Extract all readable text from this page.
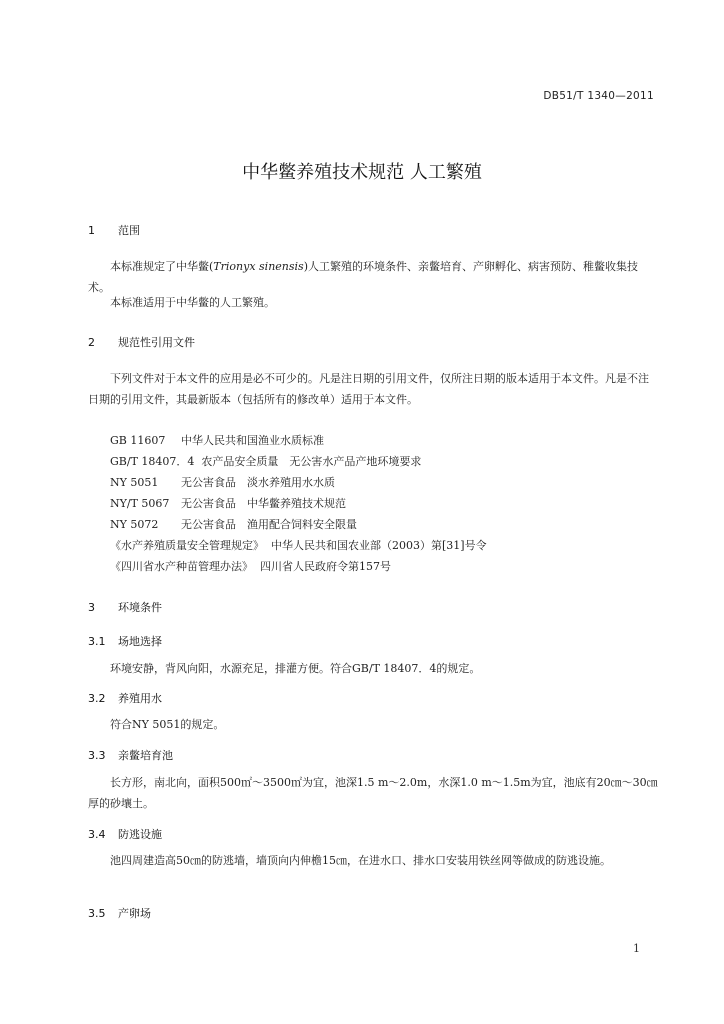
DB51/T 1340—2011
中华鳖养殖技术规范 人工繁殖
1 范围
本标准规定了中华鳖(Trionyx sinensis)人工繁殖的环境条件、亲鳖培育、产卵孵化、病害预防、稚鳖收集技术。
本标准适用于中华鳖的人工繁殖。
2 规范性引用文件
下列文件对于本文件的应用是必不可少的。凡是注日期的引用文件，仅所注日期的版本适用于本文件。凡是不注日期的引用文件，其最新版本（包括所有的修改单）适用于本文件。
GB 11607 中华人民共和国渔业水质标准
GB/T 18407．4 农产品安全质量　无公害水产品产地环境要求
NY 5051 无公害食品　淡水养殖用水水质
NY/T 5067 无公害食品　中华鳖养殖技术规范
NY 5072 无公害食品　渔用配合饲料安全限量
《水产养殖质量安全管理规定》 中华人民共和国农业部（2003）第[31]号令
《四川省水产种苗管理办法》 四川省人民政府令第157号
3 环境条件
3.1 场地选择
环境安静，背风向阳，水源充足，排灌方便。符合GB/T 18407．4的规定。
3.2 养殖用水
符合NY 5051的规定。
3.3 亲鳖培育池
长方形，南北向，面积500㎡～3500㎡为宜，池深1.5 m～2.0m，水深1.0 m～1.5m为宜，池底有20㎝～30㎝厚的砂壤土。
3.4 防逃设施
池四周建造高50㎝的防逃墙，墙顶向内伸檐15㎝，在进水口、排水口安装用铁丝网等做成的防逃设施。
3.5 产卵场
1
